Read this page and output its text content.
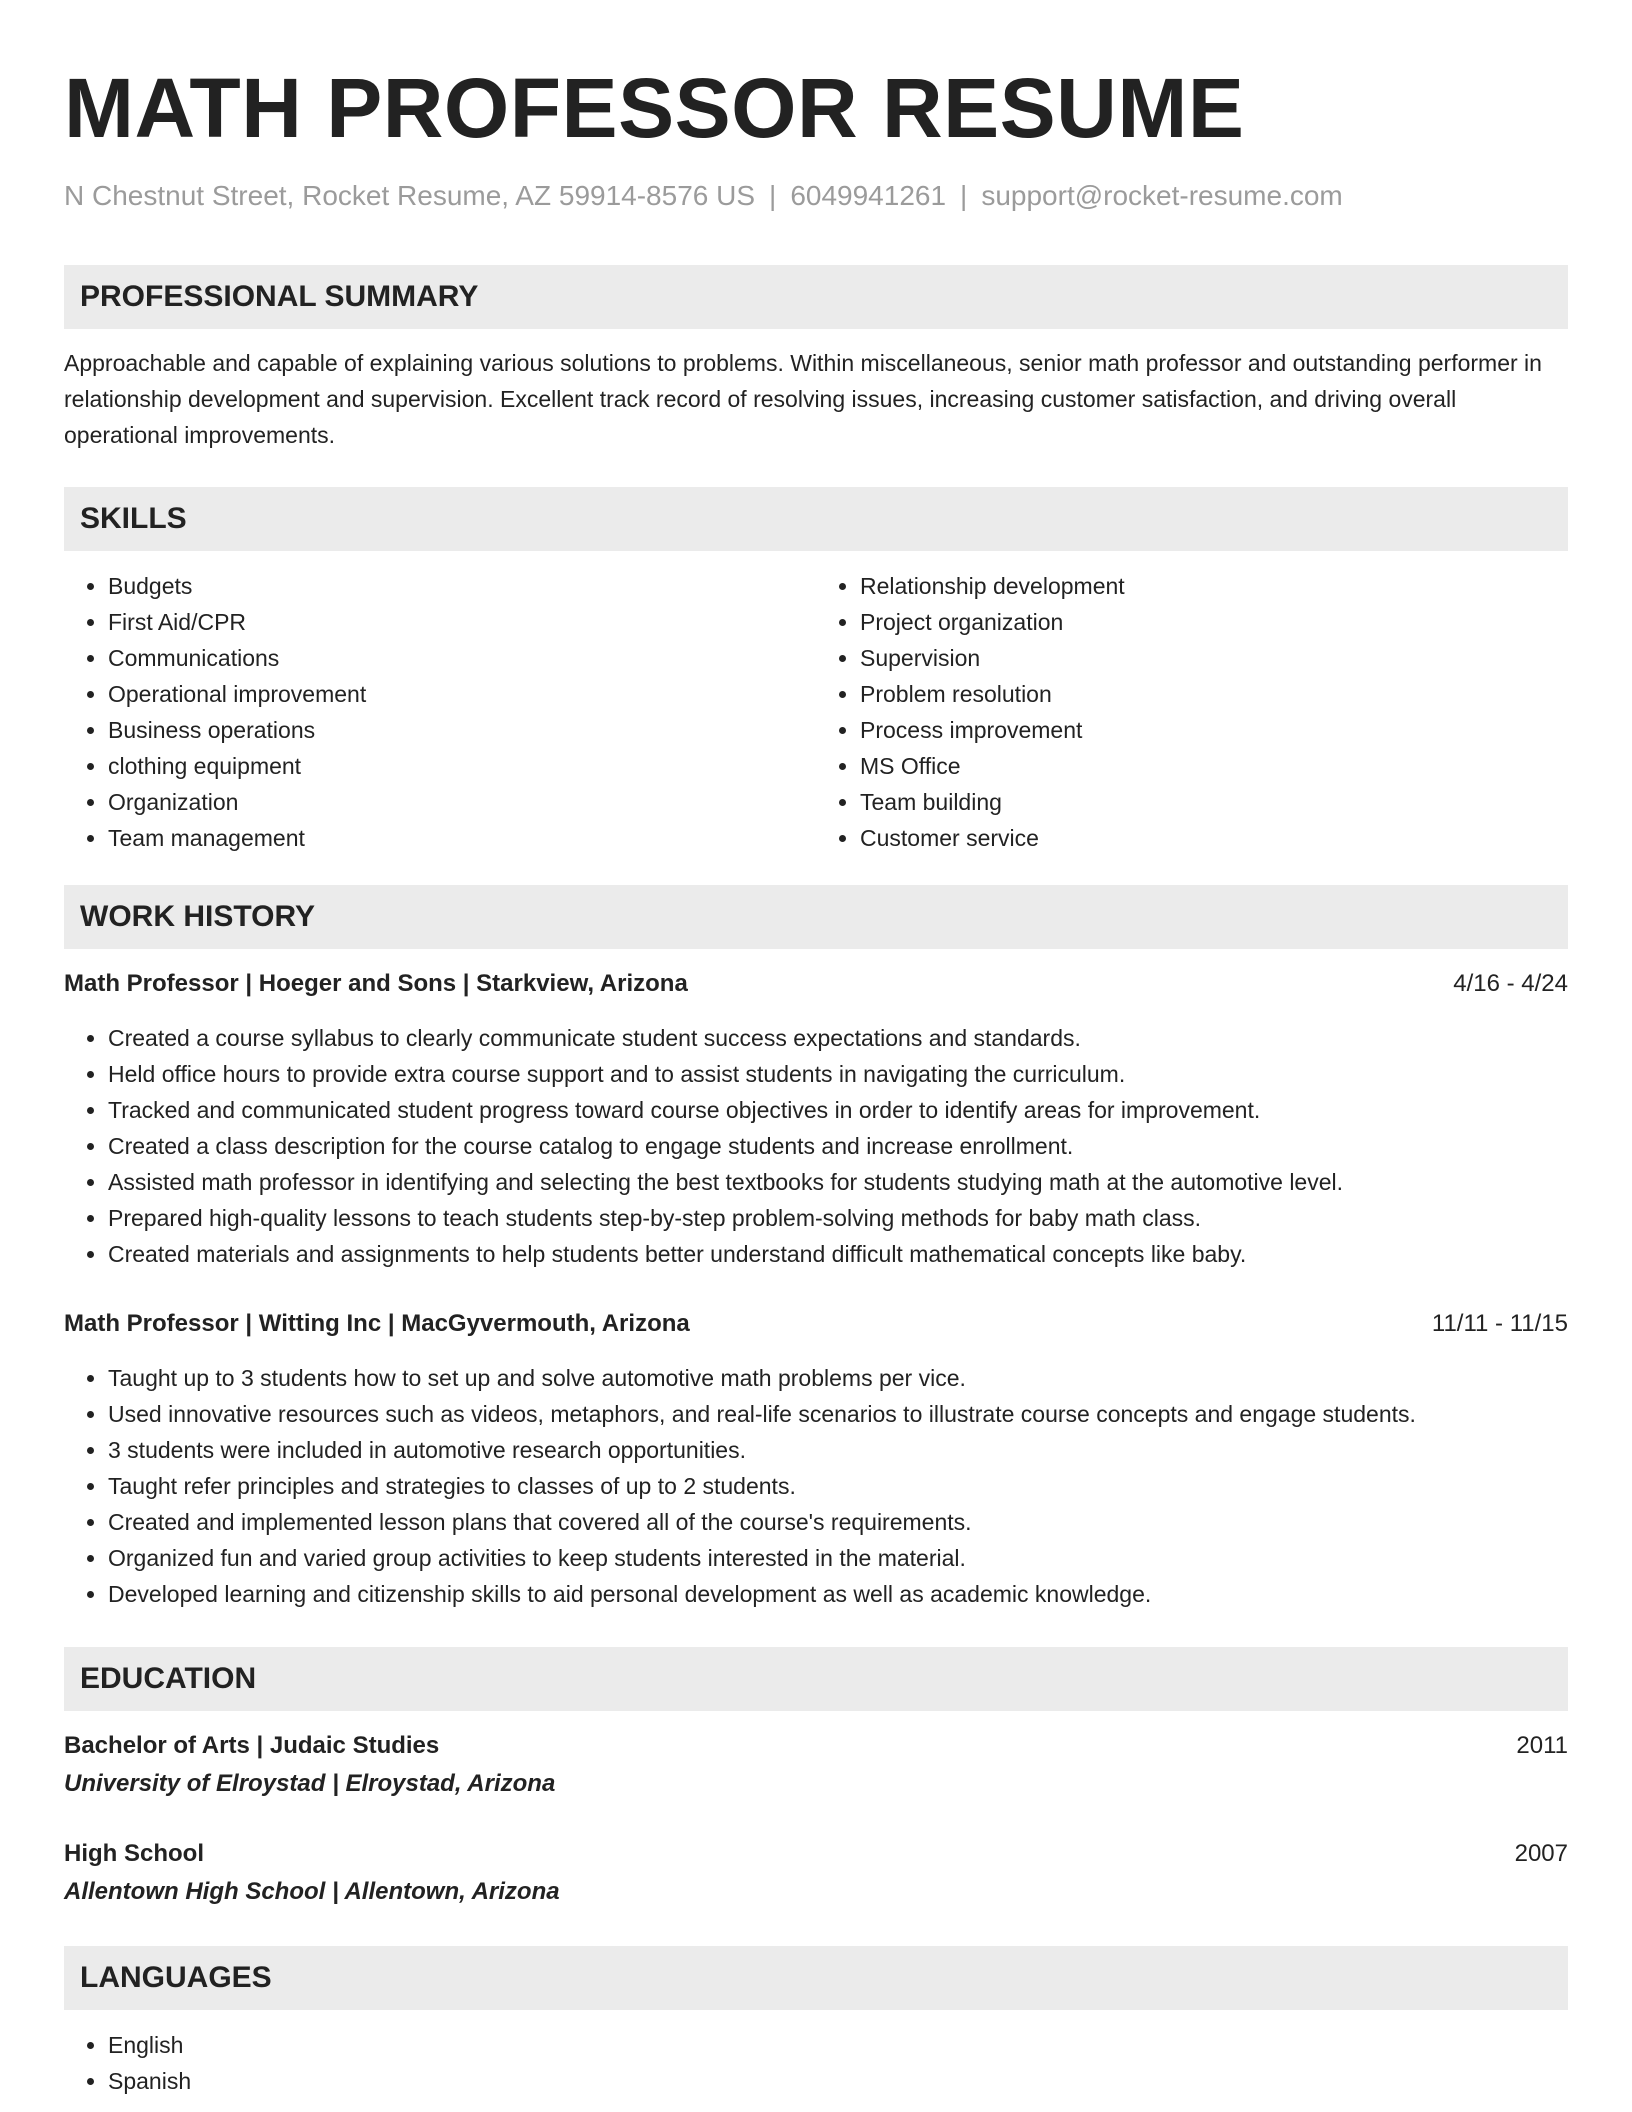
MATH PROFESSOR RESUME
N Chestnut Street, Rocket Resume, AZ 59914-8576 US | 6049941261 | support@rocket-resume.com
PROFESSIONAL SUMMARY

Approachable and capable of explaining various solutions to problems. Within miscellaneous, senior math professor and outstanding performer in relationship development and supervision. Excellent track record of resolving issues, increasing customer satisfaction, and driving overall operational improvements.

SKILLS
• Budgets
• First Aid/CPR
• Communications
• Operational improvement
• Business operations
• clothing equipment
• Organization
• Team management
• Relationship development
• Project organization
• Supervision
• Problem resolution
• Process improvement
• MS Office
• Team building
• Customer service
WORK HISTORY
Math Professor | Hoeger and Sons | Starkview, Arizona	4/16 - 4/24
• Created a course syllabus to clearly communicate student success expectations and standards.
• Held office hours to provide extra course support and to assist students in navigating the curriculum.
• Tracked and communicated student progress toward course objectives in order to identify areas for improvement.
• Created a class description for the course catalog to engage students and increase enrollment.
• Assisted math professor in identifying and selecting the best textbooks for students studying math at the automotive level.
• Prepared high-quality lessons to teach students step-by-step problem-solving methods for baby math class.
• Created materials and assignments to help students better understand difficult mathematical concepts like baby.
Math Professor | Witting Inc | MacGyvermouth, Arizona	11/11 - 11/15
• Taught up to 3 students how to set up and solve automotive math problems per vice.
• Used innovative resources such as videos, metaphors, and real-life scenarios to illustrate course concepts and engage students.
• 3 students were included in automotive research opportunities.
• Taught refer principles and strategies to classes of up to 2 students.
• Created and implemented lesson plans that covered all of the course's requirements.
• Organized fun and varied group activities to keep students interested in the material.
• Developed learning and citizenship skills to aid personal development as well as academic knowledge.
EDUCATION
Bachelor of Arts | Judaic Studies	2011
University of Elroystad | Elroystad, Arizona
High School	2007
Allentown High School | Allentown, Arizona
LANGUAGES
• English
• Spanish
